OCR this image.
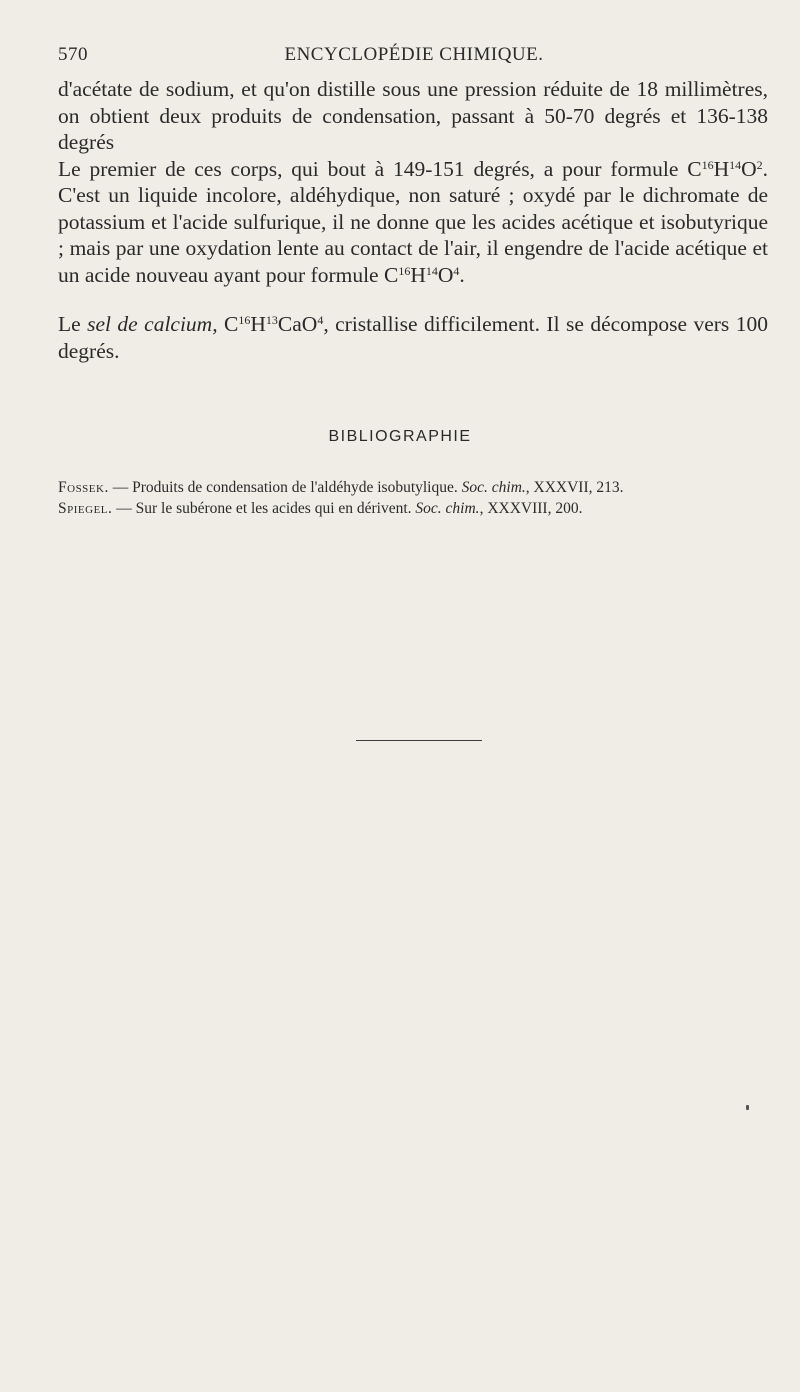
570	ENCYCLOPÉDIE CHIMIQUE.
d'acétate de sodium, et qu'on distille sous une pression réduite de 18 millimètres, on obtient deux produits de condensation, passant à 50-70 degrés et 136-138 degrés
Le premier de ces corps, qui bout à 149-151 degrés, a pour formule $C^{16}H^{14}O^2$. C'est un liquide incolore, aldéhydique, non saturé ; oxydé par le dichromate de potassium et l'acide sulfurique, il ne donne que les acides acétique et isobutyrique ; mais par une oxydation lente au contact de l'air, il engendre de l'acide acétique et un acide nouveau ayant pour formule $C^{16}H^{14}O^4$.
Le sel de calcium, $C^{16}H^{13}CaO^4$, cristallise difficilement. Il se décompose vers 100 degrés.
BIBLIOGRAPHIE
Fossek. — Produits de condensation de l'aldéhyde isobutylique. Soc. chim., XXXVII, 213.
Spiegel. — Sur le subérone et les acides qui en dérivent. Soc. chim., XXXVIII, 200.
